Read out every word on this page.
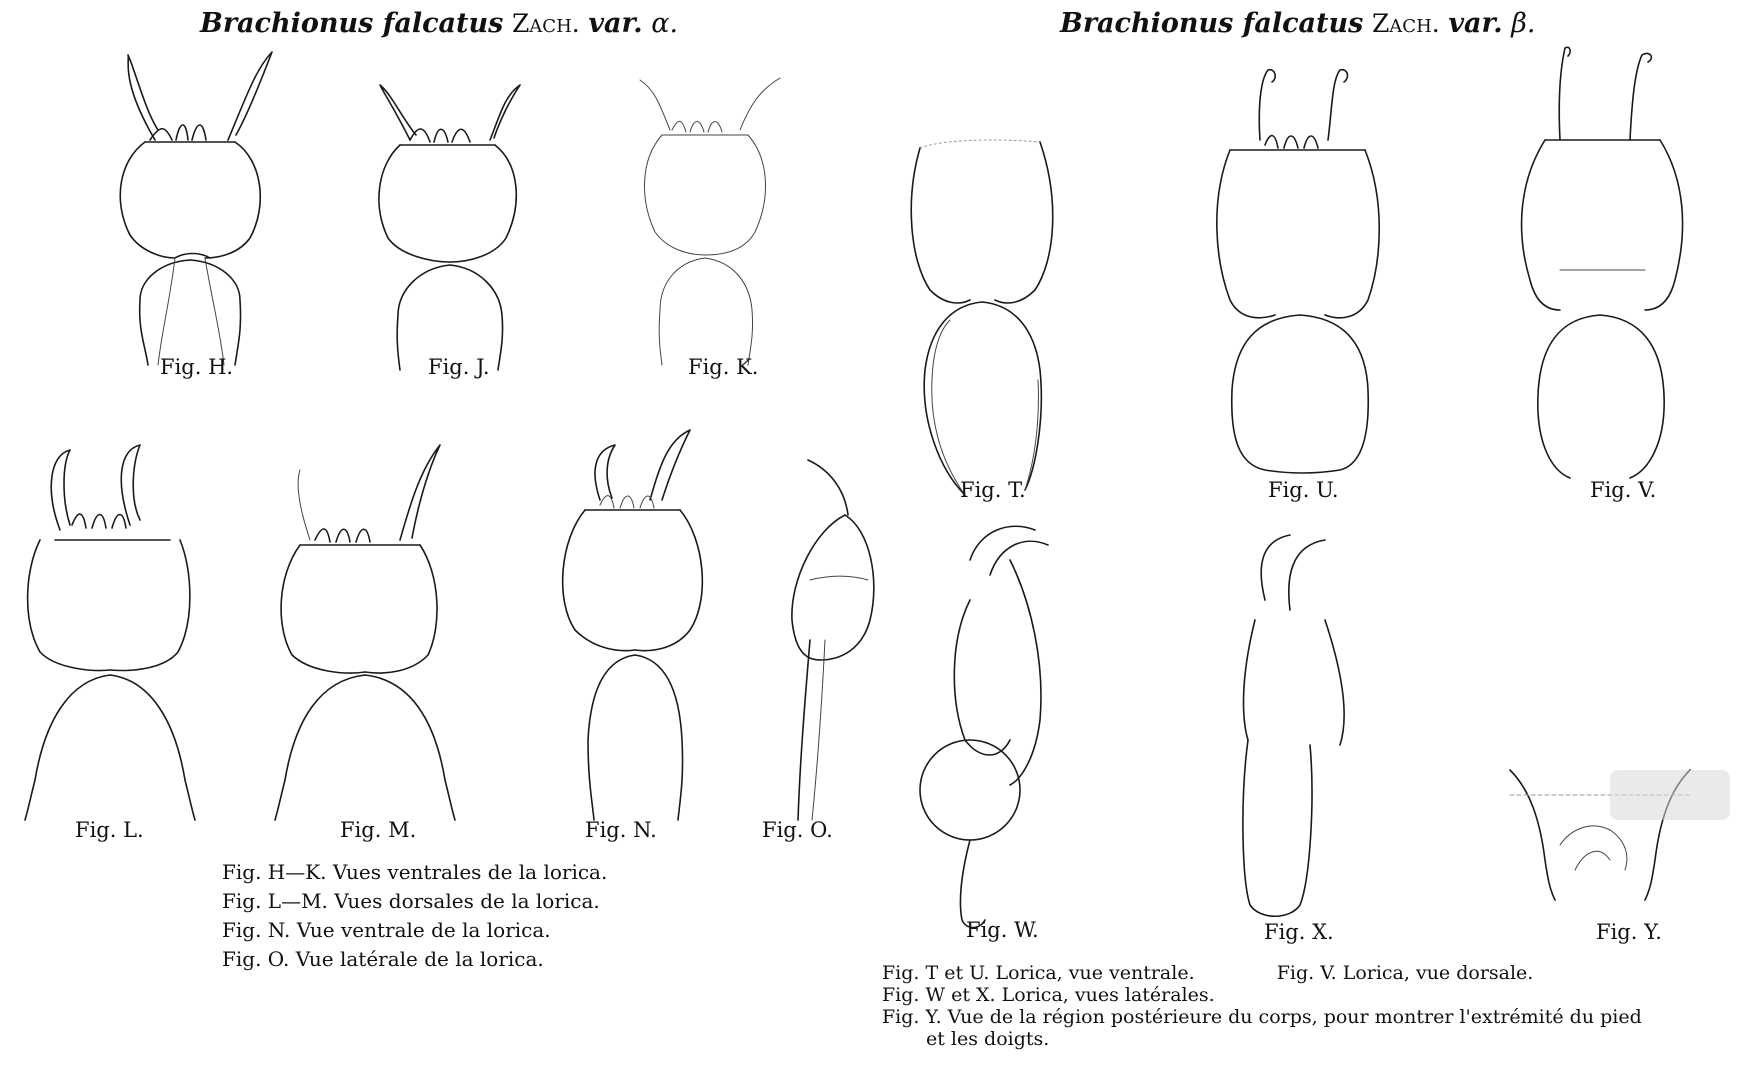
Brachionus falcatus Zach. var. α.
Fig. H.	Fig. J.	Fig. K.
Fig. L.	Fig. M.	Fig. N.	Fig. O.
Fig. H—K. Vues ventrales de la lorica.
Fig. L—M. Vues dorsales de la lorica.
Fig. N. Vue ventrale de la lorica.
Fig. O. Vue latérale de la lorica.
Brachionus falcatus Zach. var. β.
Fig. T.	Fig. U.	Fig. V.
Fig. W.	Fig. X.	Fig. Y.
Fig. T et U. Lorica, vue ventrale.	Fig. V. Lorica, vue dorsale.
Fig. W et X. Lorica, vues latérales.
Fig. Y. Vue de la région postérieure du corps, pour montrer l'extrémité du pied
et les doigts.
